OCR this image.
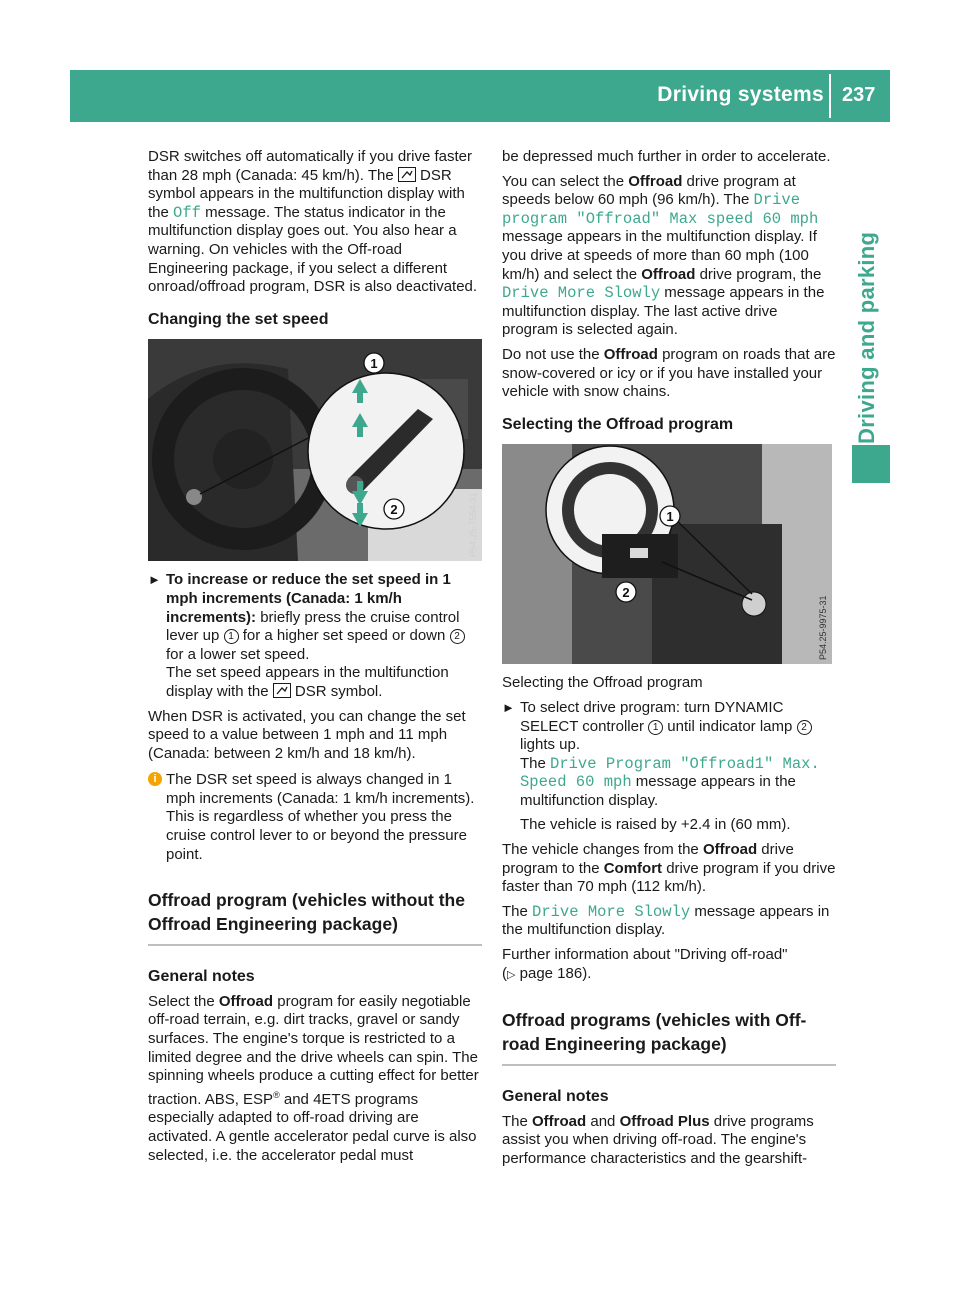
Driving systems 237
Driving and parking

DSR switches off automatically if you drive faster than 28 mph (Canada: 45 km/h). The  DSR symbol appears in the multifunction display with the Off message. The status indicator in the multifunction display goes out. You also hear a warning. On vehicles with the Off-road Engineering package, if you select a different onroad/offroad program, DSR is also deactivated.

Changing the set speed
1
2	P54.25-7554-31
► To increase or reduce the set speed in 1 mph increments (Canada: 1 km/h increments): briefly press the cruise control lever up 1 for a higher set speed or down 2 for a lower set speed.
The set speed appears in the multifunction display with the  DSR symbol.

When DSR is activated, you can change the set speed to a value between 1 mph and 11 mph (Canada: between 2 km/h and 18 km/h).

i The DSR set speed is always changed in 1 mph increments (Canada: 1 km/h increments). This is regardless of whether you press the cruise control lever to or beyond the pressure point.
Offroad program (vehicles without the Offroad Engineering package)
General notes

Select the Offroad program for easily negotiable off-road terrain, e.g. dirt tracks, gravel or sandy surfaces. The engine's torque is restricted to a limited degree and the drive wheels can spin. The spinning wheels produce a cutting effect for better traction. ABS, ESP® and 4ETS programs especially adapted to off-road driving are activated. A gentle accelerator pedal curve is also selected, i.e. the accelerator pedal must

be depressed much further in order to accelerate.

You can select the Offroad drive program at speeds below 60 mph (96 km/h). The Drive program "Offroad" Max speed 60 mph message appears in the multifunction display. If you drive at speeds of more than 60 mph (100 km/h) and select the Offroad drive program, the Drive More Slowly message appears in the multifunction display. The last active drive program is selected again.

Do not use the Offroad program on roads that are snow-covered or icy or if you have installed your vehicle with snow chains.

Selecting the Offroad program
1
2
P54.25-9975-31

Selecting the Offroad program

► To select drive program: turn DYNAMIC SELECT controller 1 until indicator lamp 2 lights up.
The Drive Program "Offroad1" Max. Speed 60 mph message appears in the multifunction display.

The vehicle is raised by +2.4 in (60 mm).

The vehicle changes from the Offroad drive program to the Comfort drive program if you drive faster than 70 mph (112 km/h).

The Drive More Slowly message appears in the multifunction display.

Further information about "Driving off-road"
(▷ page 186).

Offroad programs (vehicles with Off-road Engineering package)
General notes

The Offroad and Offroad Plus drive programs assist you when driving off-road. The engine's performance characteristics and the gearshift-
